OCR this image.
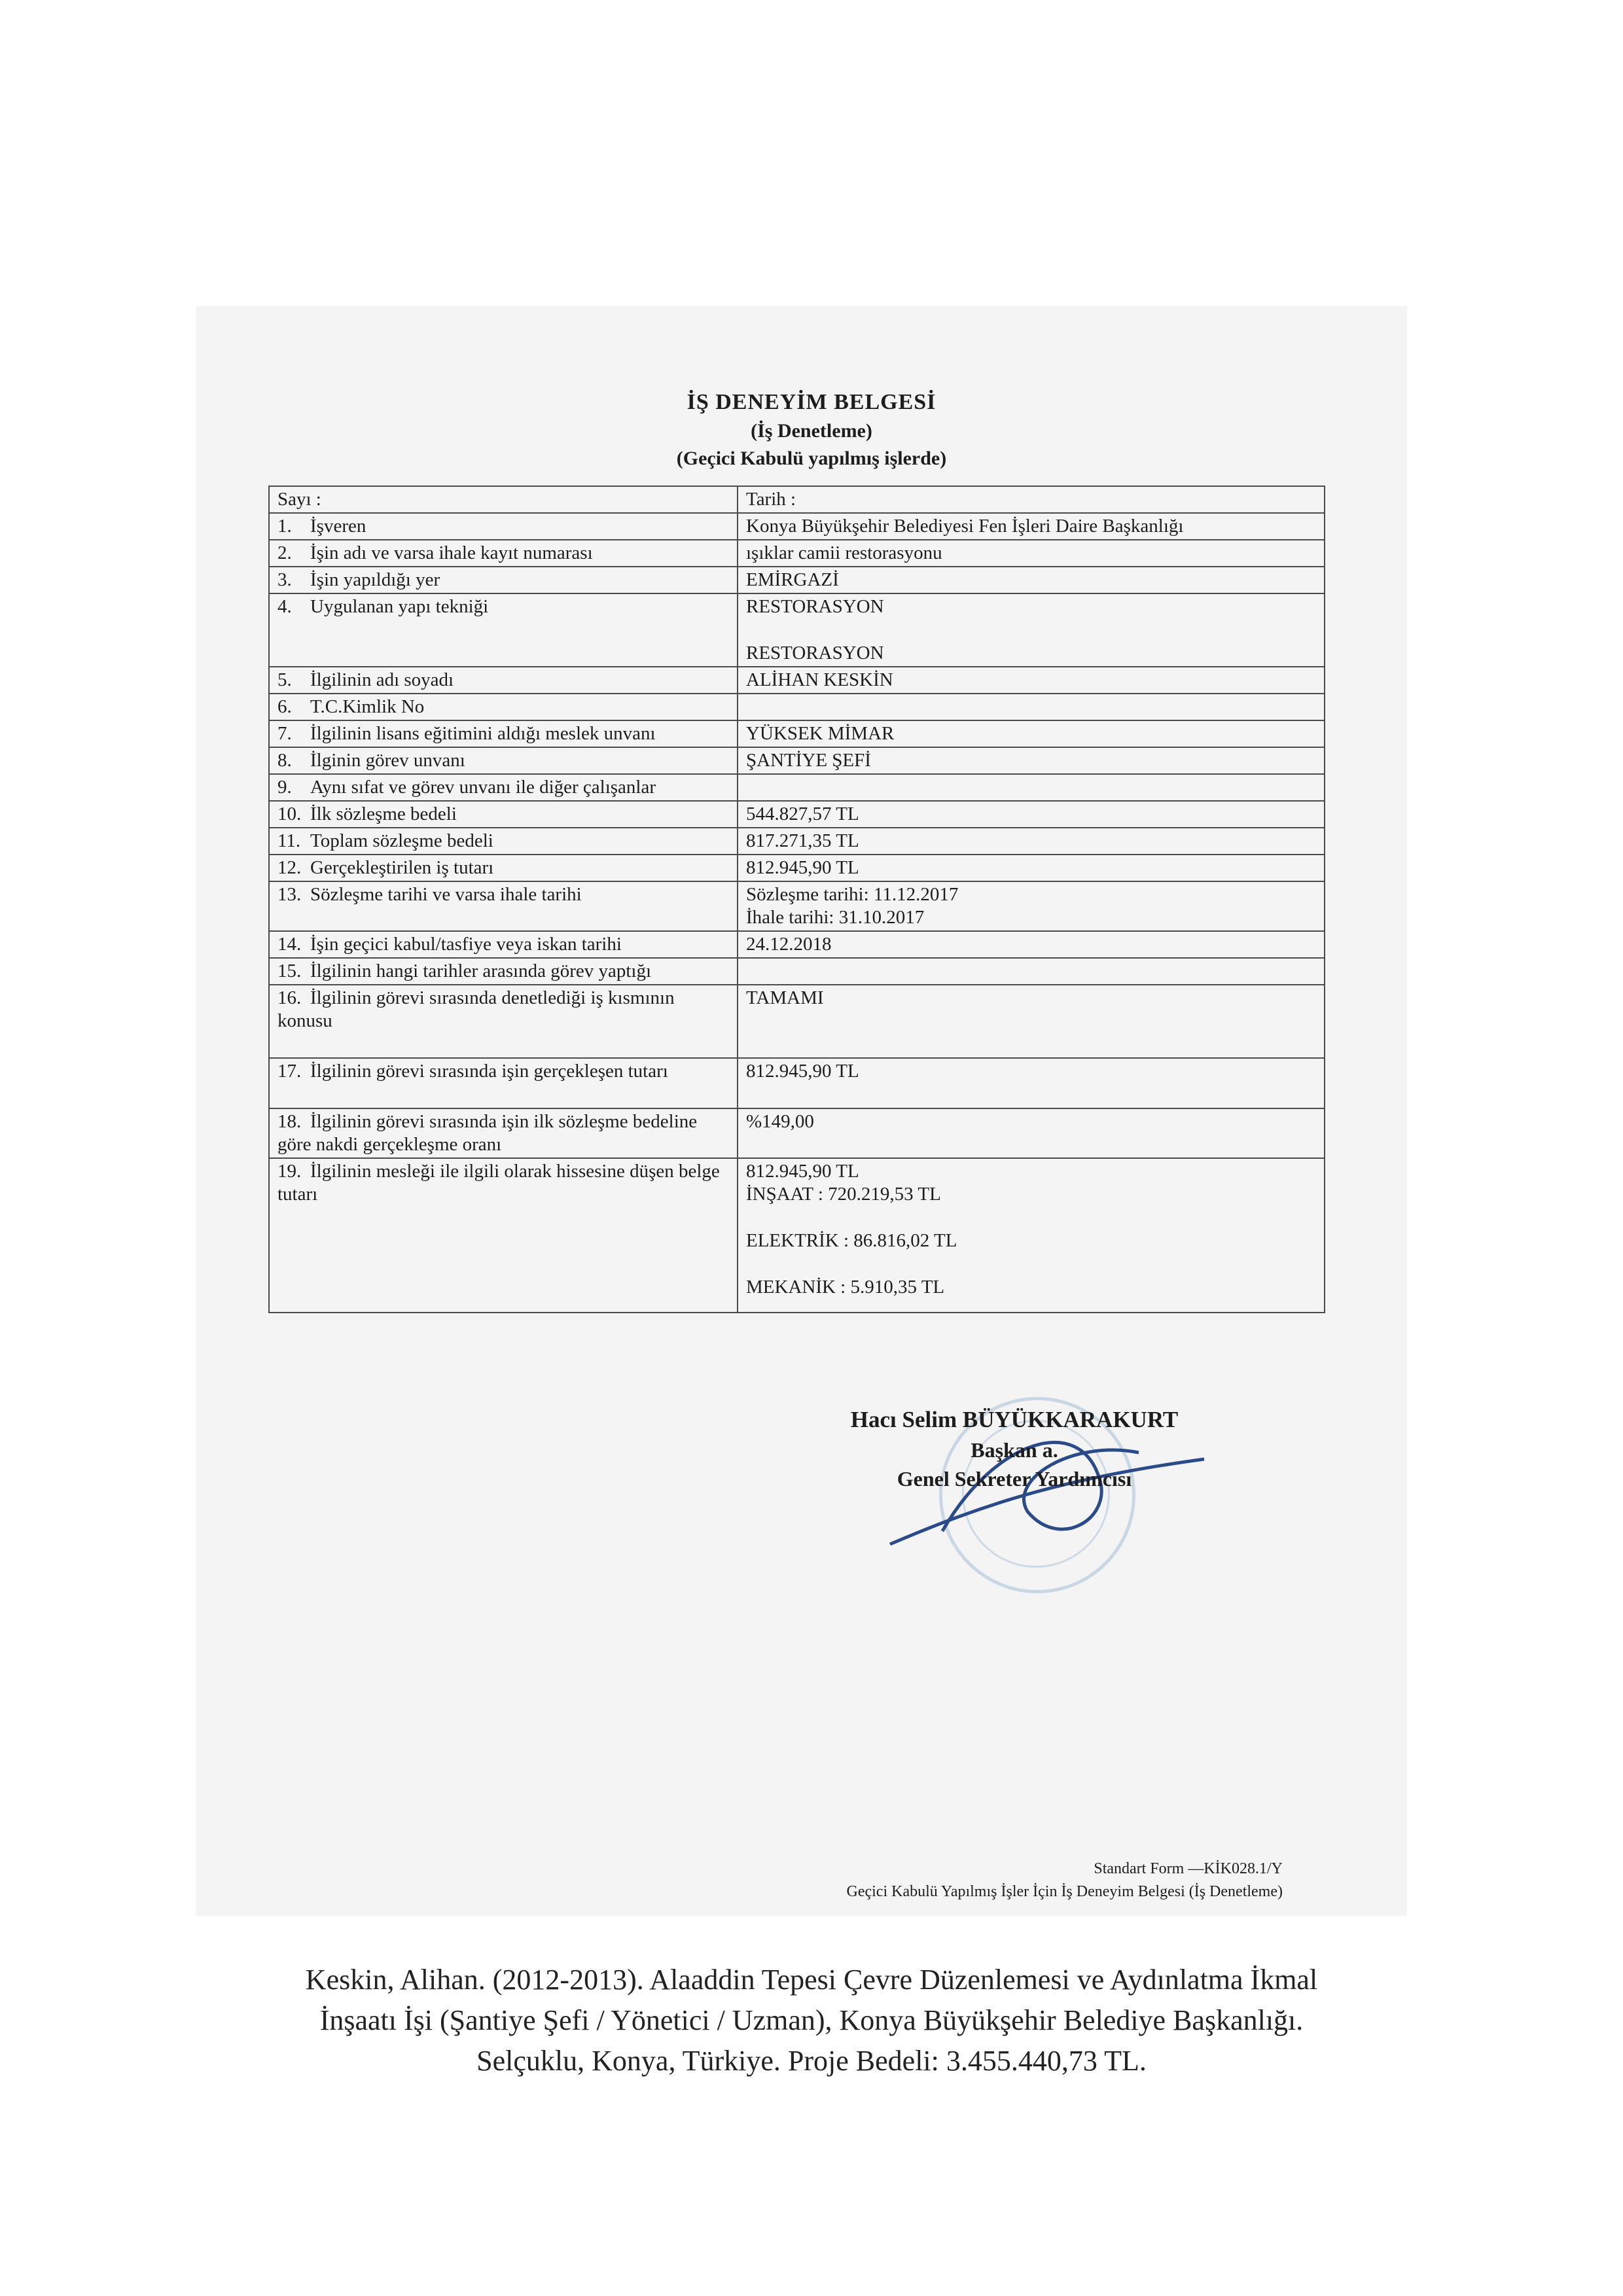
İŞ DENEYİM BELGESİ
(İş Denetleme)
(Geçici Kabulü yapılmış işlerde)
Sayı :	Tarih :
1. İşveren	Konya Büyükşehir Belediyesi Fen İşleri Daire Başkanlığı

2. İşin adı ve varsa ihale kayıt numarası	ışıklar camii restorasyonu

3. İşin yapıldığı yer	EMİRGAZİ

4. Uygulanan yapı tekniği	RESTORASYON
RESTORASYON

5. İlgilinin adı soyadı	ALİHAN KESKİN

6. T.C.Kimlik No	

7. İlgilinin lisans eğitimini aldığı meslek unvanı	YÜKSEK MİMAR

8. İlginin görev unvanı	ŞANTİYE ŞEFİ

9. Aynı sıfat ve görev unvanı ile diğer çalışanlar	

10. İlk sözleşme bedeli	544.827,57 TL

11. Toplam sözleşme bedeli	817.271,35 TL

12. Gerçekleştirilen iş tutarı	812.945,90 TL

13. Sözleşme tarihi ve varsa ihale tarihi	Sözleşme tarihi: 11.12.2017
İhale tarihi: 31.10.2017

14. İşin geçici kabul/tasfiye veya iskan tarihi	24.12.2018

15. İlgilinin hangi tarihler arasında görev yaptığı	

16. İlgilinin görevi sırasında denetlediği iş kısmının konusu	TAMAMI

17. İlgilinin görevi sırasında işin gerçekleşen tutarı	812.945,90 TL

18. İlgilinin görevi sırasında işin ilk sözleşme bedeline göre nakdi gerçekleşme oranı	%149,00

19. İlgilinin mesleği ile ilgili olarak hissesine düşen belge tutarı	812.945,90 TL
İNŞAAT : 720.219,53 TL
ELEKTRİK : 86.816,02 TL
MEKANİK : 5.910,35 TL
Hacı Selim BÜYÜKKARAKURT
Başkan a.
Genel Sekreter Yardımcısı
Standart Form —KİK028.1/Y
Geçici Kabulü Yapılmış İşler İçin İş Deneyim Belgesi (İş Denetleme)
Keskin, Alihan. (2012-2013). Alaaddin Tepesi Çevre Düzenlemesi ve Aydınlatma İkmal
İnşaatı İşi (Şantiye Şefi / Yönetici / Uzman), Konya Büyükşehir Belediye Başkanlığı.
Selçuklu, Konya, Türkiye. Proje Bedeli: 3.455.440,73 TL.
